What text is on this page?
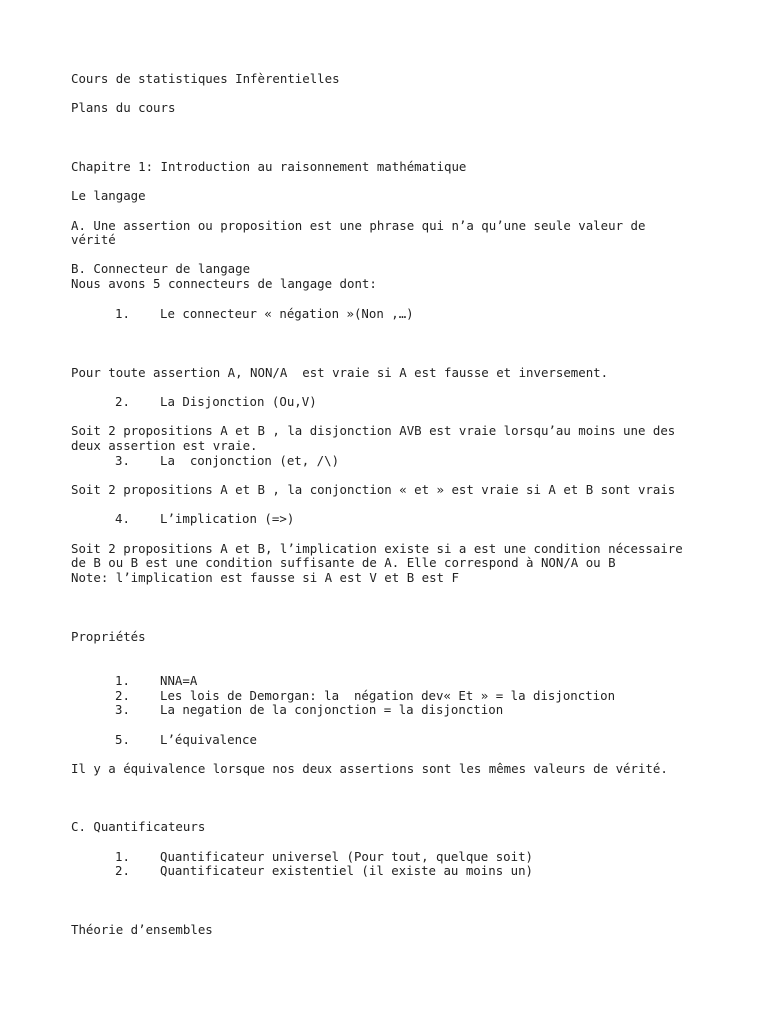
Cours de statistiques Infèrentielles
Plans du cours
Chapitre 1: Introduction au raisonnement mathématique
Le langage
A. Une assertion ou proposition est une phrase qui n’a qu’une seule valeur de
vérité
B. Connecteur de langage
Nous avons 5 connecteurs de langage dont:
1. Le connecteur « négation »(Non ,…)
Pour toute assertion A, NON/A  est vraie si A est fausse et inversement.
2. La Disjonction (Ou,V)
Soit 2 propositions A et B , la disjonction AVB est vraie lorsqu’au moins une des
deux assertion est vraie.
3. La  conjonction (et, /\)
Soit 2 propositions A et B , la conjonction « et » est vraie si A et B sont vrais
4. L’implication (=>)
Soit 2 propositions A et B, l’implication existe si a est une condition nécessaire
de B ou B est une condition suffisante de A. Elle correspond à NON/A ou B
Note: l’implication est fausse si A est V et B est F
Propriétés
1. NNA=A
2. Les lois de Demorgan: la  négation dev« Et » = la disjonction
3. La negation de la conjonction = la disjonction
5. L’équivalence
Il y a équivalence lorsque nos deux assertions sont les mêmes valeurs de vérité.
C. Quantificateurs
1. Quantificateur universel (Pour tout, quelque soit)
2. Quantificateur existentiel (il existe au moins un)
Théorie d’ensembles
